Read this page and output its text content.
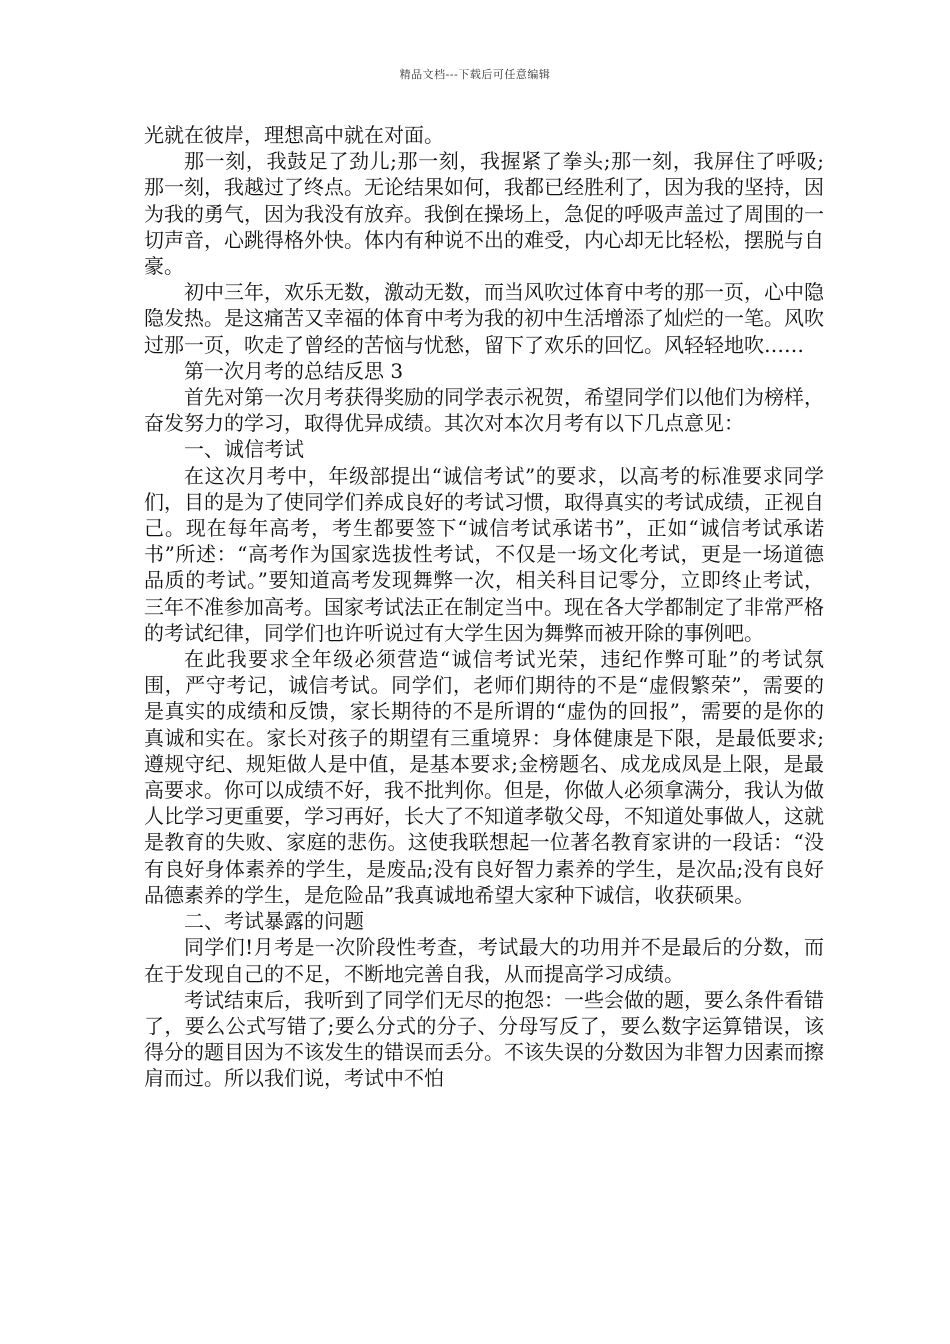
精品文档---下载后可任意编辑

光就在彼岸，理想高中就在对面。

那一刻，我鼓足了劲儿;那一刻，我握紧了拳头;那一刻，我屏住了呼吸;那一刻，我越过了终点。无论结果如何，我都已经胜利了，因为我的坚持，因为我的勇气，因为我没有放弃。我倒在操场上，急促的呼吸声盖过了周围的一切声音，心跳得格外快。体内有种说不出的难受，内心却无比轻松，摆脱与自豪。

初中三年，欢乐无数，激动无数，而当风吹过体育中考的那一页，心中隐隐发热。是这痛苦又幸福的体育中考为我的初中生活增添了灿烂的一笔。风吹过那一页，吹走了曾经的苦恼与忧愁，留下了欢乐的回忆。风轻轻地吹……

第一次月考的总结反思 3

首先对第一次月考获得奖励的同学表示祝贺，希望同学们以他们为榜样，奋发努力的学习，取得优异成绩。其次对本次月考有以下几点意见：

一、诚信考试

在这次月考中，年级部提出“诚信考试”的要求，以高考的标准要求同学们，目的是为了使同学们养成良好的考试习惯，取得真实的考试成绩，正视自己。现在每年高考，考生都要签下“诚信考试承诺书”，正如“诚信考试承诺书”所述：“高考作为国家选拔性考试，不仅是一场文化考试，更是一场道德品质的考试。”要知道高考发现舞弊一次，相关科目记零分，立即终止考试，三年不准参加高考。国家考试法正在制定当中。现在各大学都制定了非常严格的考试纪律，同学们也许听说过有大学生因为舞弊而被开除的事例吧。

在此我要求全年级必须营造“诚信考试光荣，违纪作弊可耻”的考试氛围，严守考记，诚信考试。同学们，老师们期待的不是“虚假繁荣”，需要的是真实的成绩和反馈，家长期待的不是所谓的“虚伪的回报”，需要的是你的真诚和实在。家长对孩子的期望有三重境界：身体健康是下限，是最低要求;遵规守纪、规矩做人是中值，是基本要求;金榜题名、成龙成凤是上限，是最高要求。你可以成绩不好，我不批判你。但是，你做人必须拿满分，我认为做人比学习更重要，学习再好，长大了不知道孝敬父母，不知道处事做人，这就是教育的失败、家庭的悲伤。这使我联想起一位著名教育家讲的一段话：“没有良好身体素养的学生，是废品;没有良好智力素养的学生，是次品;没有良好品德素养的学生，是危险品”我真诚地希望大家种下诚信，收获硕果。

二、考试暴露的问题

同学们!月考是一次阶段性考查，考试最大的功用并不是最后的分数，而在于发现自己的不足，不断地完善自我，从而提高学习成绩。

考试结束后，我听到了同学们无尽的抱怨：一些会做的题，要么条件看错了，要么公式写错了;要么分式的分子、分母写反了，要么数字运算错误，该得分的题目因为不该发生的错误而丢分。不该失误的分数因为非智力因素而擦肩而过。所以我们说，考试中不怕
